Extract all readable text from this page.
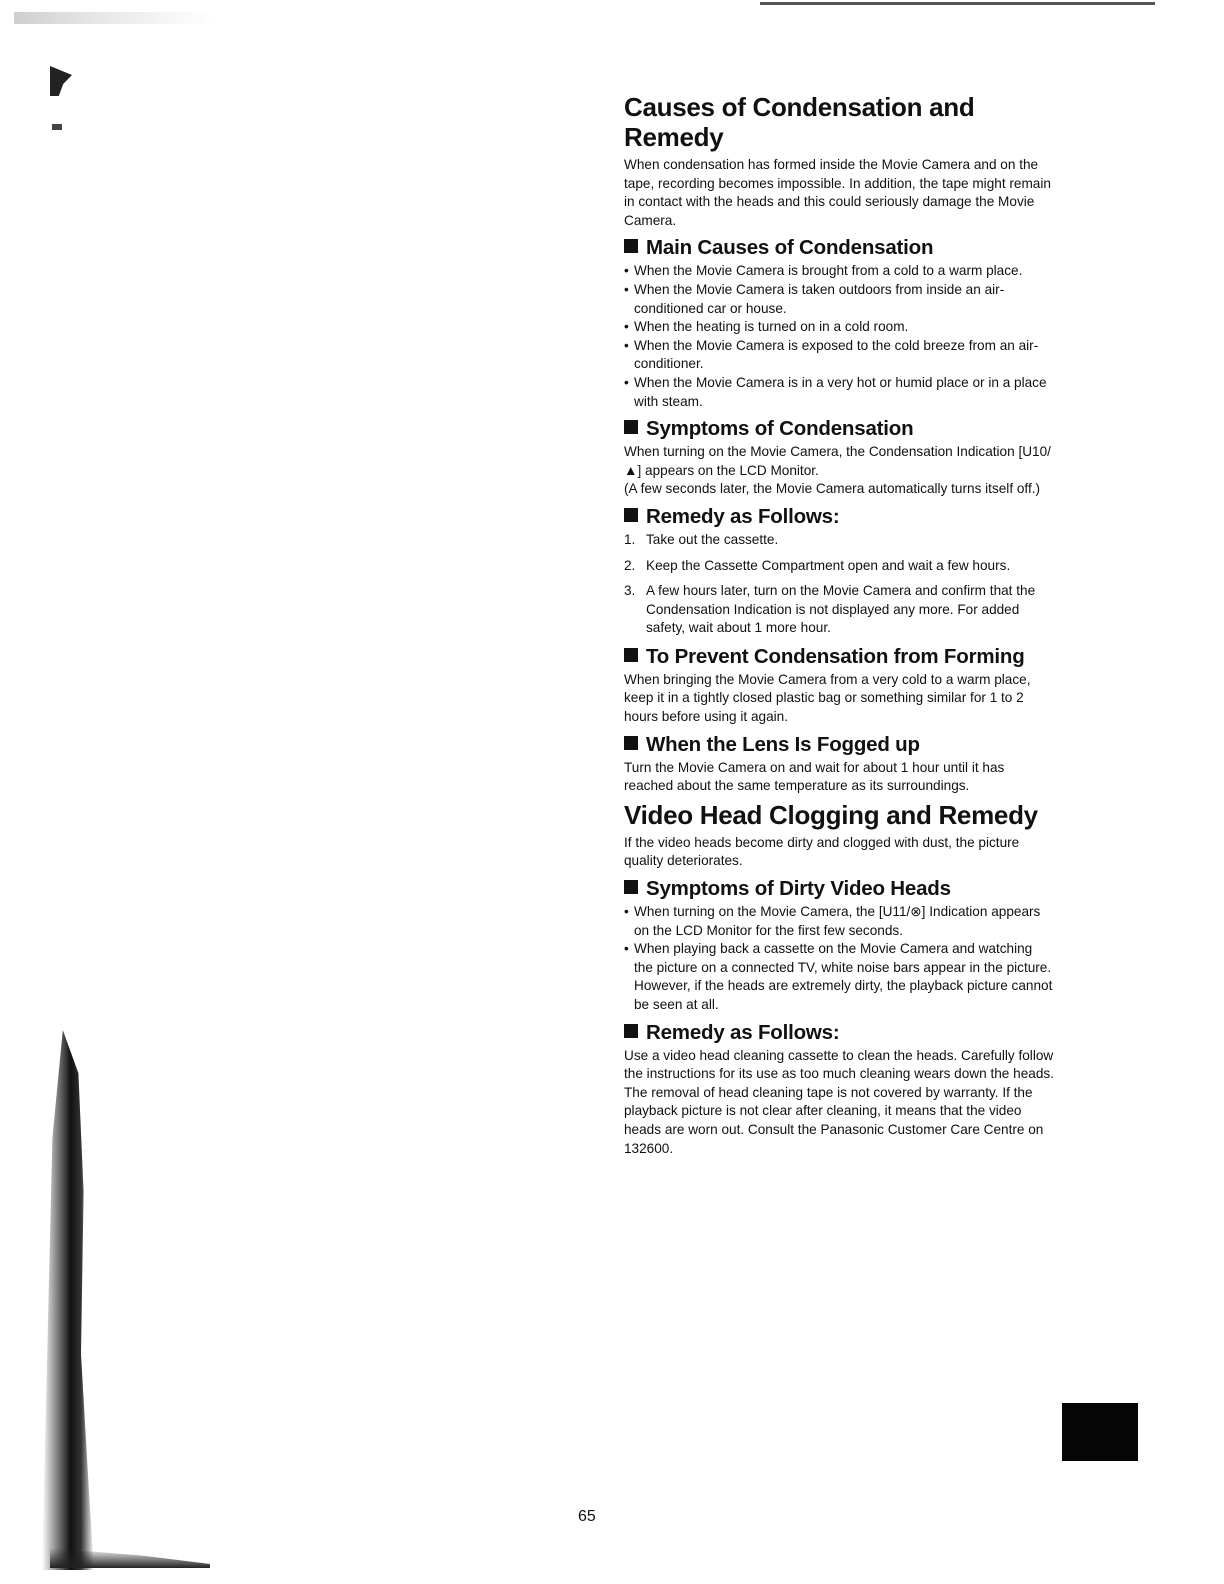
Causes of Condensation and Remedy

When condensation has formed inside the Movie Camera and on the tape, recording becomes impossible. In addition, the tape might remain in contact with the heads and this could seriously damage the Movie Camera.

Main Causes of Condensation
• When the Movie Camera is brought from a cold to a warm place.
• When the Movie Camera is taken outdoors from inside an air-conditioned car or house.
• When the heating is turned on in a cold room.
• When the Movie Camera is exposed to the cold breeze from an air-conditioner.
• When the Movie Camera is in a very hot or humid place or in a place with steam.
Symptoms of Condensation

When turning on the Movie Camera, the Condensation Indication [U10/▲] appears on the LCD Monitor.

(A few seconds later, the Movie Camera automatically turns itself off.)

Remedy as Follows:
1. Take out the cassette.
2. Keep the Cassette Compartment open and wait a few hours.
3. A few hours later, turn on the Movie Camera and confirm that the Condensation Indication is not displayed any more. For added safety, wait about 1 more hour.
To Prevent Condensation from Forming

When bringing the Movie Camera from a very cold to a warm place, keep it in a tightly closed plastic bag or something similar for 1 to 2 hours before using it again.

When the Lens Is Fogged up

Turn the Movie Camera on and wait for about 1 hour until it has reached about the same temperature as its surroundings.

Video Head Clogging and Remedy

If the video heads become dirty and clogged with dust, the picture quality deteriorates.

Symptoms of Dirty Video Heads
• When turning on the Movie Camera, the [U11/⊗] Indication appears on the LCD Monitor for the first few seconds.
• When playing back a cassette on the Movie Camera and watching the picture on a connected TV, white noise bars appear in the picture. However, if the heads are extremely dirty, the playback picture cannot be seen at all.
Remedy as Follows:

Use a video head cleaning cassette to clean the heads. Carefully follow the instructions for its use as too much cleaning wears down the heads. The removal of head cleaning tape is not covered by warranty. If the playback picture is not clear after cleaning, it means that the video heads are worn out. Consult the Panasonic Customer Care Centre on 132600.

65
